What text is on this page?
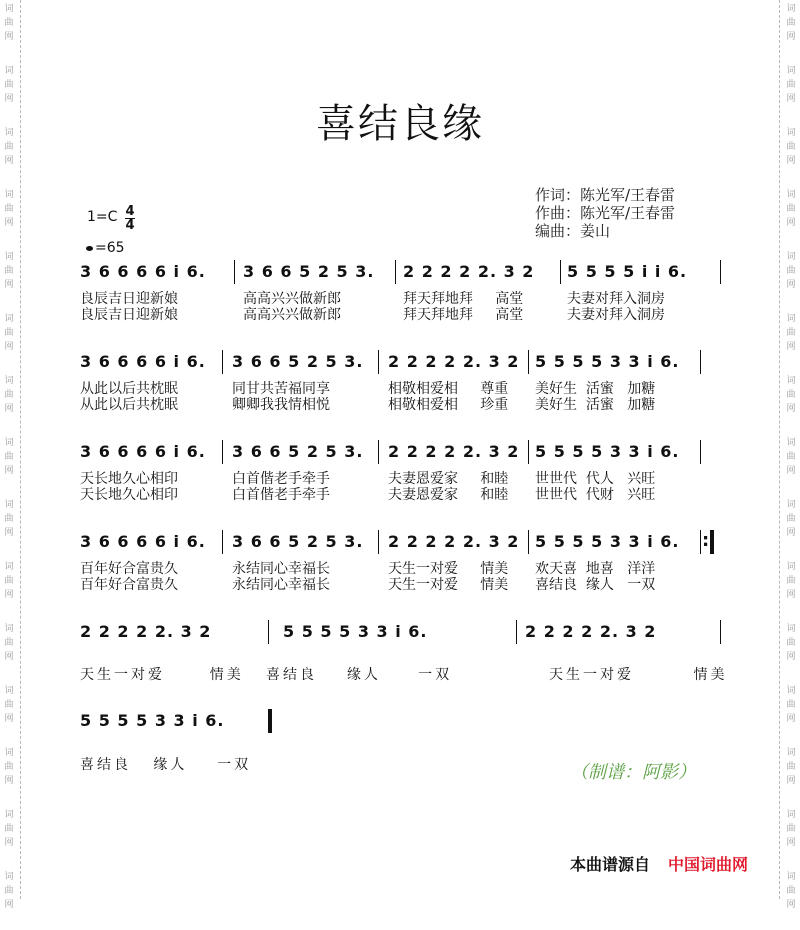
词
曲
网
词
曲
网
词
曲
网
词
曲
网
词
曲
网
词
曲
网
词
曲
网
词
曲
网
词
曲
网
词
曲
网
词
曲
网
词
曲
网
词
曲
网
词
曲
网
词
曲
网
词
曲
网
词
曲
网
词
曲
网
词
曲
网
词
曲
网
词
曲
网
词
曲
网
词
曲
网
词
曲
网
词
曲
网
词
曲
网
词
曲
网
词
曲
网
词
曲
网
词
曲
网
喜结良缘
作词：陈光军/王春雷
作曲：陈光军/王春雷
编曲：姜山
$1=C \frac{4}{4}$
=65
3 6 6 6 6 i 6.
良辰吉日迎新娘
良辰吉日迎新娘
3 6 6 5 2 5 3.
高高兴兴做新郎
高高兴兴做新郎
2 2 2 2 2. 3 2
拜天拜地拜     高堂
拜天拜地拜     高堂
5 5 5 5 i i 6.
夫妻对拜入洞房
夫妻对拜入洞房
3 6 6 6 6 i 6.
从此以后共枕眠
从此以后共枕眠
3 6 6 5 2 5 3.
同甘共苦福同享
卿卿我我情相悦
2 2 2 2 2. 3 2
相敬相爱相     尊重
相敬相爱相     珍重
5 5 5 5 3 3 i 6.
美好生  活蜜   加糖
美好生  活蜜   加糖
3 6 6 6 6 i 6.
天长地久心相印
天长地久心相印
3 6 6 5 2 5 3.
白首偕老手牵手
白首偕老手牵手
2 2 2 2 2. 3 2
夫妻恩爱家     和睦
夫妻恩爱家     和睦
5 5 5 5 3 3 i 6.
世世代  代人   兴旺
世世代  代财   兴旺
3 6 6 6 6 i 6.
百年好合富贵久
百年好合富贵久
3 6 6 5 2 5 3.
永结同心幸福长
永结同心幸福长
2 2 2 2 2. 3 2
天生一对爱     情美
天生一对爱     情美
5 5 5 5 3 3 i 6.
欢天喜  地喜   洋洋
喜结良  缘人   一双
:
2 2 2 2 2. 3 2	5 5 5 5 3 3 i 6.	2 2 2 2 2. 3 2
天生一对爱      情美   喜结良    缘人     一双             天生一对爱        情美
5 5 5 5 3 3 i 6.
喜结良   缘人    一双	（制谱：阿影）
本曲谱源自 中国词曲网
